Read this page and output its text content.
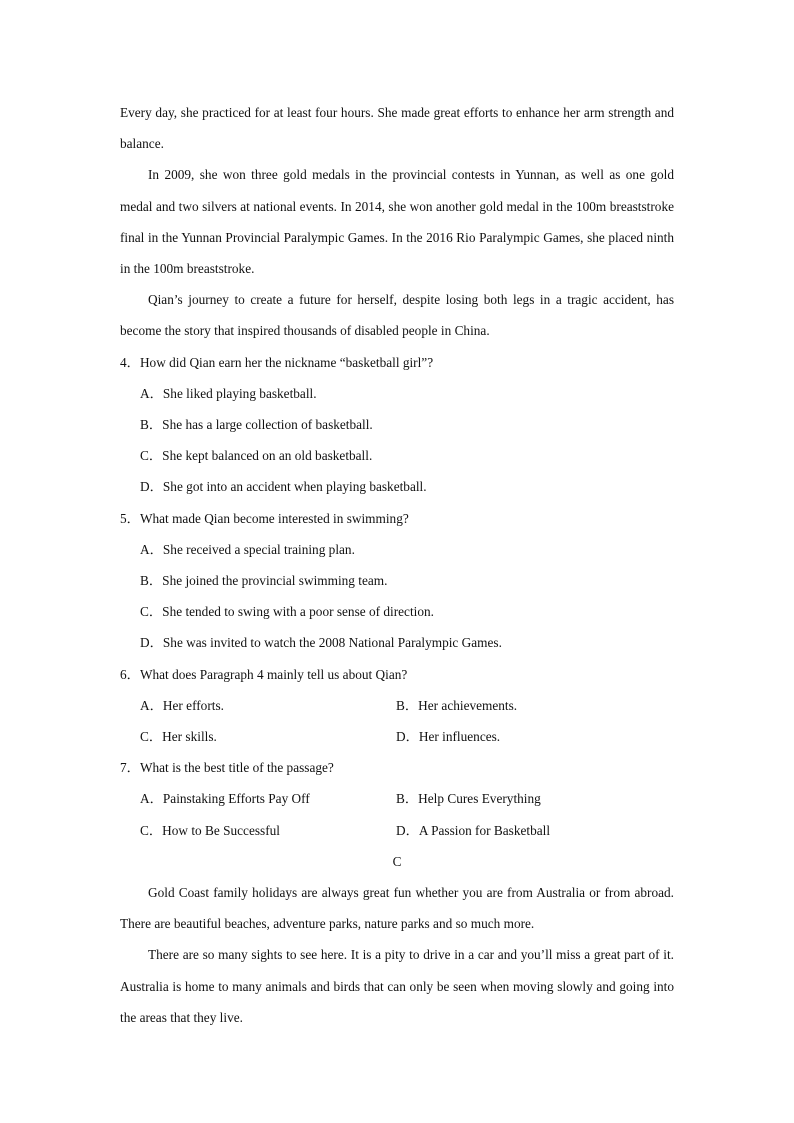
Every day, she practiced for at least four hours. She made great efforts to enhance her arm strength and balance.

In 2009, she won three gold medals in the provincial contests in Yunnan, as well as one gold medal and two silvers at national events. In 2014, she won another gold medal in the 100m breaststroke final in the Yunnan Provincial Paralympic Games. In the 2016 Rio Paralympic Games, she placed ninth in the 100m breaststroke.

Qian’s journey to create a future for herself, despite losing both legs in a tragic accident, has become the story that inspired thousands of disabled people in China.

4．How did Qian earn her the nickname “basketball girl”?
A．She liked playing basketball.
B．She has a large collection of basketball.
C．She kept balanced on an old basketball.
D．She got into an accident when playing basketball.
5．What made Qian become interested in swimming?
A．She received a special training plan.
B．She joined the provincial swimming team.
C．She tended to swing with a poor sense of direction.
D．She was invited to watch the 2008 National Paralympic Games.
6．What does Paragraph 4 mainly tell us about Qian?
A．Her efforts.	B．Her achievements.
C．Her skills.	D．Her influences.
7．What is the best title of the passage?
A．Painstaking Efforts Pay Off	B．Help Cures Everything
C．How to Be Successful	D．A Passion for Basketball
C

Gold Coast family holidays are always great fun whether you are from Australia or from abroad. There are beautiful beaches, adventure parks, nature parks and so much more.

There are so many sights to see here. It is a pity to drive in a car and you’ll miss a great part of it. Australia is home to many animals and birds that can only be seen when moving slowly and going into the areas that they live.
